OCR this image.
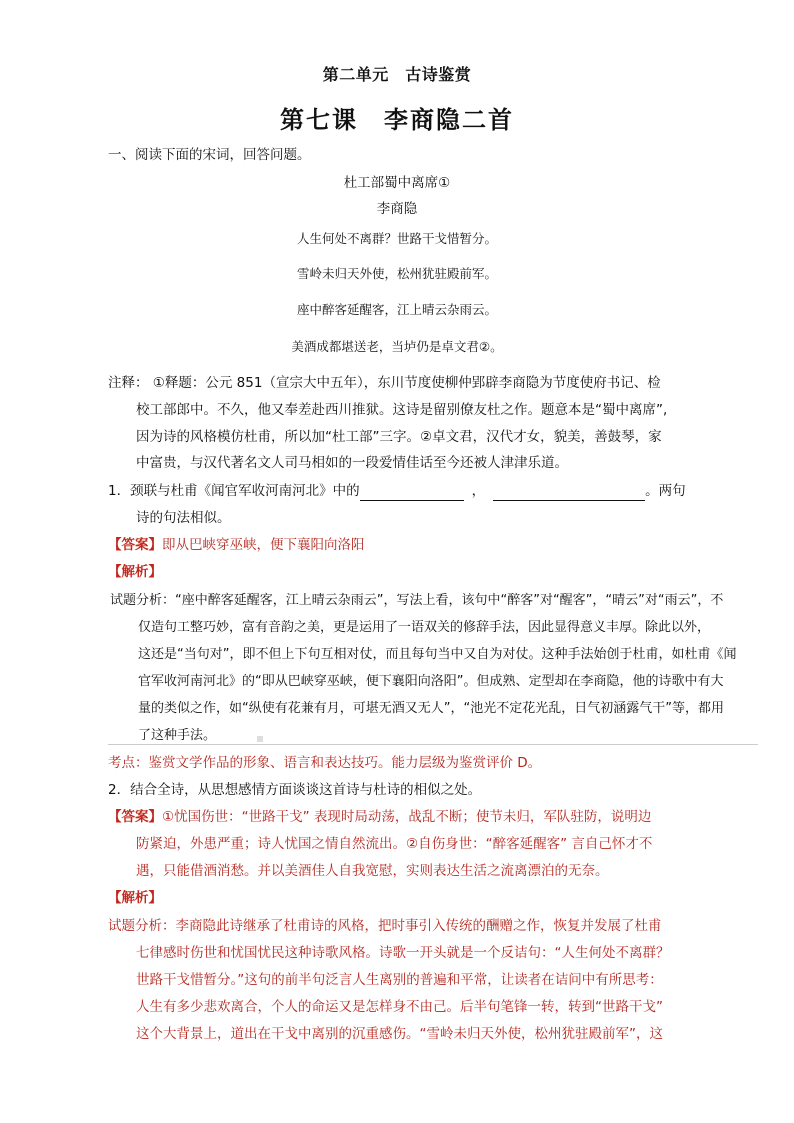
第二单元　古诗鉴赏
第七课　李商隐二首
一、阅读下面的宋词，回答问题。
杜工部蜀中离席①
李商隐
人生何处不离群？世路干戈惜暂分。
雪岭未归天外使，松州犹驻殿前军。
座中醉客延醒客，江上晴云杂雨云。
美酒成都堪送老，当垆仍是卓文君②。
注释： ①释题：公元 851（宣宗大中五年），东川节度使柳仲郢辟李商隐为节度使府书记、检
校工部郎中。不久，他又奉差赴西川推狱。这诗是留别僚友杜之作。题意本是“蜀中离席”,
因为诗的风格模仿杜甫，所以加“杜工部”三字。②卓文君，汉代才女，貌美，善鼓琴，家
中富贵，与汉代著名文人司马相如的一段爱情佳话至今还被人津津乐道。
1．颈联与杜甫《闻官军收河南河北》中的	，	。两句
诗的句法相似。
【答案】即从巴峡穿巫峡，便下襄阳向洛阳
【解析】
试题分析：“座中醉客延醒客，江上晴云杂雨云”，写法上看，该句中“醉客”对“醒客”，“晴云”对“雨云”，不
仅造句工整巧妙，富有音韵之美，更是运用了一语双关的修辞手法，因此显得意义丰厚。除此以外，
这还是“当句对”，即不但上下句互相对仗，而且每句当中又自为对仗。这种手法始创于杜甫，如杜甫《闻
官军收河南河北》的“即从巴峡穿巫峡，便下襄阳向洛阳”。但成熟、定型却在李商隐，他的诗歌中有大
量的类似之作，如“纵使有花兼有月，可堪无酒又无人”，“池光不定花光乱，日气初涵露气干”等，都用
了这种手法。
考点：鉴赏文学作品的形象、语言和表达技巧。能力层级为鉴赏评价 D。
2．结合全诗，从思想感情方面谈谈这首诗与杜诗的相似之处。
【答案】①忧国伤世：“世路干戈” 表现时局动荡，战乱不断；使节未归，军队驻防，说明边
防紧迫，外患严重；诗人忧国之情自然流出。②自伤身世：“醉客延醒客” 言自己怀才不
遇，只能借酒消愁。并以美酒佳人自我宽慰，实则表达生活之流离漂泊的无奈。
【解析】
试题分析：李商隐此诗继承了杜甫诗的风格，把时事引入传统的酬赠之作，恢复并发展了杜甫
七律感时伤世和忧国忧民这种诗歌风格。诗歌一开头就是一个反诘句：“人生何处不离群？
世路干戈惜暂分。”这句的前半句泛言人生离别的普遍和平常，让读者在诘问中有所思考：
人生有多少悲欢离合，个人的命运又是怎样身不由己。后半句笔锋一转，转到“世路干戈”
这个大背景上，道出在干戈中离别的沉重感伤。“雪岭未归天外使，松州犹驻殿前军”，这
